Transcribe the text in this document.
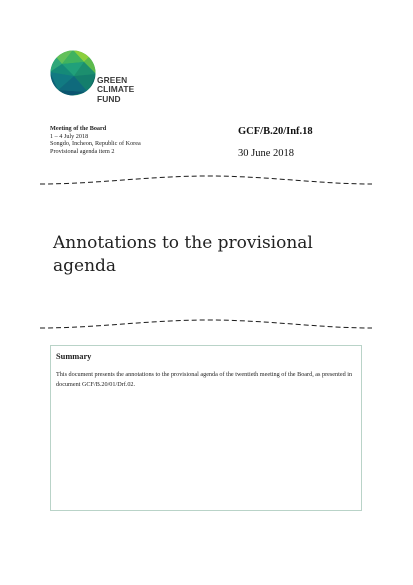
GREEN
CLIMATE
FUND
Meeting of the Board
1 – 4 July 2018
Songdo, Incheon, Republic of Korea
Provisional agenda item 2
GCF/B.20/Inf.18
30 June 2018
Annotations to the provisional agenda
Summary
This document presents the annotations to the provisional agenda of the twentieth meeting of the Board, as presented in document GCF/B.20/01/Drf.02.
